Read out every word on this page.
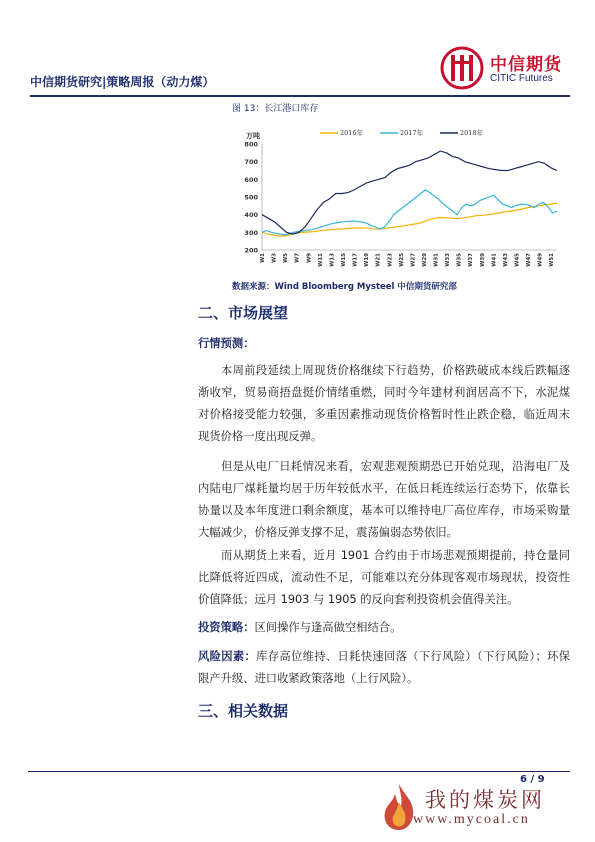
中信期货研究|策略周报（动力煤）
中信期货
CITIC Futures
图 13：长江港口库存
万吨
200
300
400
500
600
700
800
W1 W3 W5 W7 W9 W11 W13 W15 W17 W19 W21 W23 W25 W27 W29 W31 W33 W35 W37 W39 W41 W43 W45 W47 W49 W51
2016年	2017年	2018年
数据来源：Wind Bloomberg Mysteel 中信期货研究部
二、市场展望
行情预测：
本周前段延续上周现货价格继续下行趋势，价格跌破成本线后跌幅逐渐收窄，贸易商捂盘挺价情绪重燃，同时今年建材利润居高不下，水泥煤对价格接受能力较强，多重因素推动现货价格暂时性止跌企稳，临近周末现货价格一度出现反弹。
但是从电厂日耗情况来看，宏观悲观预期恐已开始兑现，沿海电厂及内陆电厂煤耗量均居于历年较低水平，在低日耗连续运行态势下，依靠长协量以及本年度进口剩余额度，基本可以维持电厂高位库存，市场采购量大幅减少，价格反弹支撑不足，震荡偏弱态势依旧。
而从期货上来看，近月 1901 合约由于市场悲观预期提前，持仓量同比降低将近四成，流动性不足，可能难以充分体现客观市场现状，投资性价值降低；远月 1903 与 1905 的反向套利投资机会值得关注。
投资策略：区间操作与逢高做空相结合。
风险因素：库存高位维持、日耗快速回落（下行风险）（下行风险）；环保限产升级、进口收紧政策落地（上行风险）。
三、相关数据
6 / 9
我的煤炭网
www.mycoal.cn
